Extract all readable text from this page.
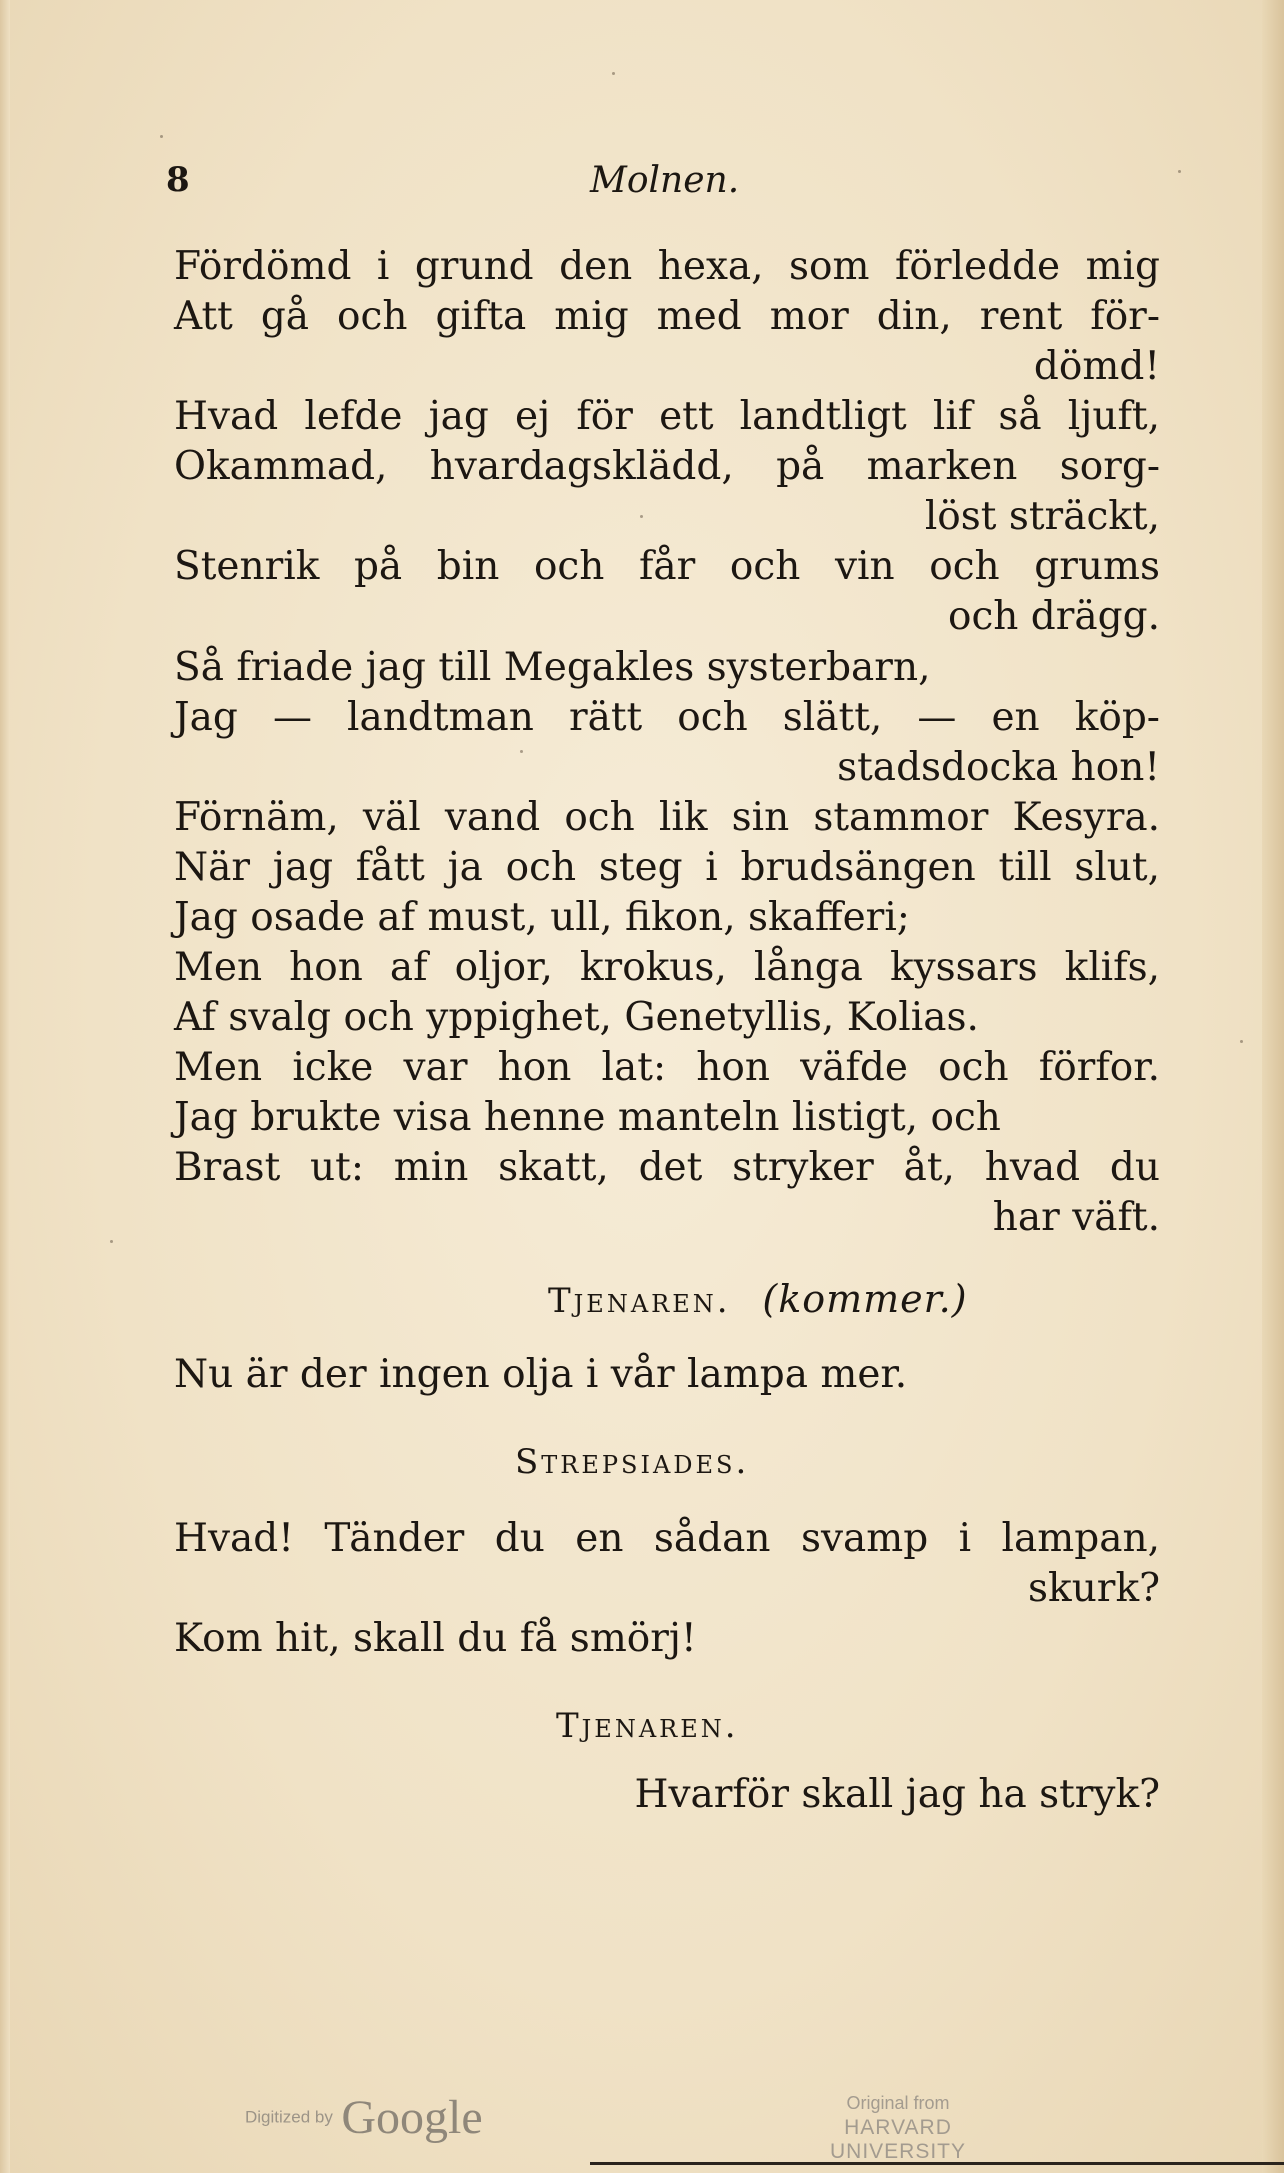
8	Molnen.
Fördömd i grund den hexa, som förledde mig
Att gå och gifta mig med mor din, rent för-
dömd!
Hvad lefde jag ej för ett landtligt lif så ljuft,
Okammad, hvardagsklädd, på marken sorg-
löst sträckt,
Stenrik på bin och får och vin och grums
och drägg.
Så friade jag till Megakles systerbarn,
Jag — landtman rätt och slätt, — en köp-
stadsdocka hon!
Förnäm, väl vand och lik sin stammor Kesyra.
När jag fått ja och steg i brudsängen till slut,
Jag osade af must, ull, fikon, skafferi;
Men hon af oljor, krokus, långa kyssars klifs,
Af svalg och yppighet, Genetyllis, Kolias.
Men icke var hon lat: hon väfde och förfor.
Jag brukte visa henne manteln listigt, och
Brast ut: min skatt, det stryker åt, hvad du
har väft.
Tjenaren. (kommer.)
Nu är der ingen olja i vår lampa mer.
Strepsiades.
Hvad! Tänder du en sådan svamp i lampan,
skurk?
Kom hit, skall du få smörj!
Tjenaren.
Hvarför skall jag ha stryk?
Digitized by Google	Original from
HARVARD UNIVERSITY
